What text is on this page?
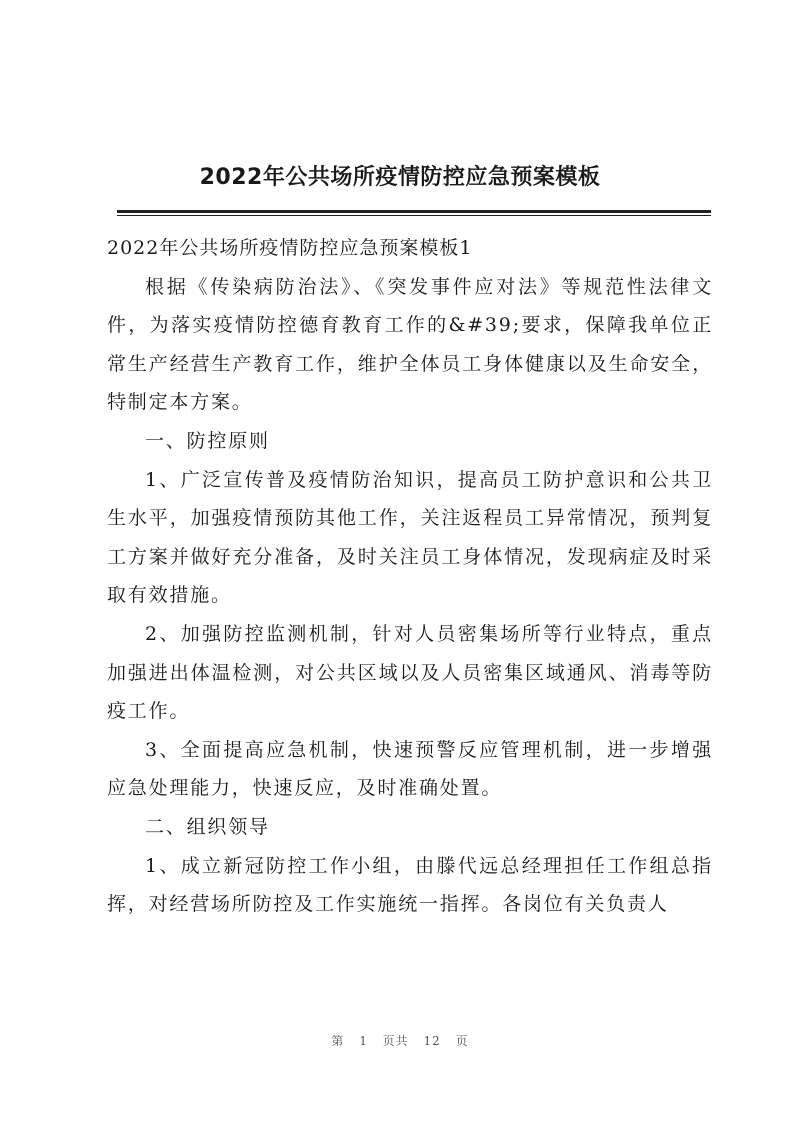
2022年公共场所疫情防控应急预案模板

2022年公共场所疫情防控应急预案模板1

根据《传染病防治法》、《突发事件应对法》等规范性法律文件，为落实疫情防控德育教育工作的&#39;要求，保障我单位正常生产经营生产教育工作，维护全体员工身体健康以及生命安全，特制定本方案。

一、防控原则

1、广泛宣传普及疫情防治知识，提高员工防护意识和公共卫生水平，加强疫情预防其他工作，关注返程员工异常情况，预判复工方案并做好充分准备，及时关注员工身体情况，发现病症及时采取有效措施。

2、加强防控监测机制，针对人员密集场所等行业特点，重点加强进出体温检测，对公共区域以及人员密集区域通风、消毒等防疫工作。

3、全面提高应急机制，快速预警反应管理机制，进一步增强应急处理能力，快速反应，及时准确处置。

二、组织领导

1、成立新冠防控工作小组，由滕代远总经理担任工作组总指挥，对经营场所防控及工作实施统一指挥。各岗位有关负责人

第 1 页共 12 页
